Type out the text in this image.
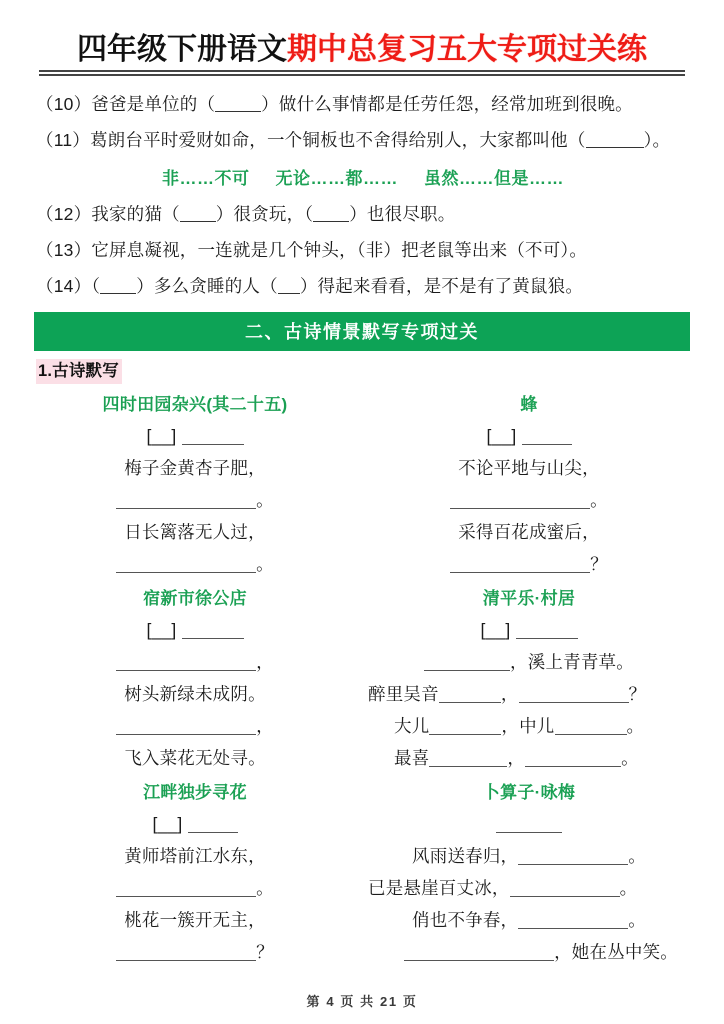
四年级下册语文期中总复习五大专项过关练
（10）爸爸是单位的（	）做什么事情都是任劳任怨，经常加班到很晚。
（11）葛朗台平时爱财如命，一个铜板也不舍得给别人，大家都叫他（	）。
非……不可 无论……都…… 虽然……但是……
（12）我家的猫（ ）很贪玩，（ ）也很尽职。
（13）它屏息凝视，一连就是几个钟头，（非）把老鼠等出来（不可）。
（14）（ ）多么贪睡的人（ ）得起来看看，是不是有了黄鼠狼。
二、古诗情景默写专项过关
1.古诗默写
四时田园杂兴(其二十五)
[__]
梅子金黄杏子肥，
。
日长篱落无人过，
。
蜂
[__]
不论平地与山尖，
。
采得百花成蜜后，
？
宿新市徐公店
[__]
，
树头新绿未成阴。
，
飞入菜花无处寻。
清平乐·村居
[__]
，溪上青青草。
醉里吴音	，	？
大儿	，中儿	。
最喜	，	。
江畔独步寻花
[__]
黄师塔前江水东，
。
桃花一簇开无主，
？
卜算子·咏梅
风雨送春归，	。
已是悬崖百丈冰，	。
俏也不争春，	。
，她在丛中笑。
第 4 页 共 21 页
